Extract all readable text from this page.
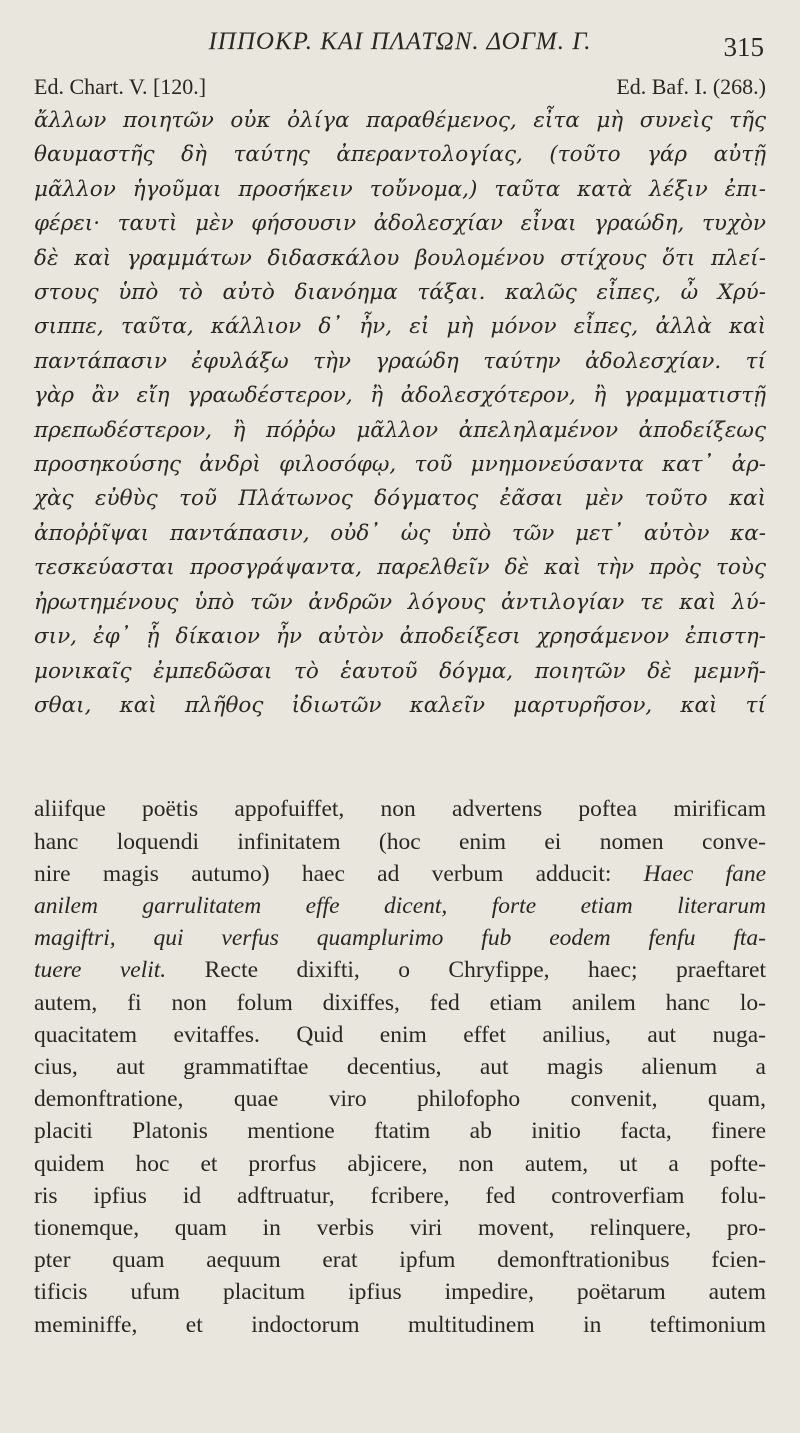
ΙΠΠΟΚΡ. ΚΑΙ ΠΛΑΤΩΝ. ΔΟΓΜ. Γ.	315
Ed. Chart. V. [120.]	Ed. Baf. I. (268.)
ἄλλων ποιητῶν οὐκ ὀλίγα παραθέμενος, εἶτα μὴ συνεὶς τῆς
θαυμαστῆς δὴ ταύτης ἀπεραντολογίας, (τοῦτο γάρ αὐτῇ
μᾶλλον ἡγοῦμαι προσήκειν τοὔνομα,) ταῦτα κατὰ λέξιν ἐπι-
φέρει· ταυτὶ μὲν φήσουσιν ἀδολεσχίαν εἶναι γραώδη, τυχὸν
δὲ καὶ γραμμάτων διδασκάλου βουλομένου στίχους ὅτι πλεί-
στους ὑπὸ τὸ αὐτὸ διανόημα τάξαι. καλῶς εἶπες, ὦ Χρύ-
σιππε, ταῦτα, κάλλιον δ᾽ ἦν, εἰ μὴ μόνον εἶπες, ἀλλὰ καὶ
παντάπασιν ἐφυλάξω τὴν γραώδη ταύτην ἀδολεσχίαν. τί
γὰρ ἂν εἴη γραωδέστερον, ἢ ἀδολεσχότερον, ἢ γραμματιστῇ
πρεπωδέστερον, ἢ πόῤῥω μᾶλλον ἀπεληλαμένον ἀποδείξεως
προσηκούσης ἀνδρὶ φιλοσόφῳ, τοῦ μνημονεύσαντα κατ᾽ ἀρ-
χὰς εὐθὺς τοῦ Πλάτωνος δόγματος ἐᾶσαι μὲν τοῦτο καὶ
ἀποῤῥῖψαι παντάπασιν, οὐδ᾽ ὡς ὑπὸ τῶν μετ᾽ αὐτὸν κα-
τεσκεύασται προσγράψαντα, παρελθεῖν δὲ καὶ τὴν πρὸς τοὺς
ἠρωτημένους ὑπὸ τῶν ἀνδρῶν λόγους ἀντιλογίαν τε καὶ λύ-
σιν, ἐφ᾽ ᾗ δίκαιον ἦν αὐτὸν ἀποδείξεσι χρησάμενον ἐπιστη-
μονικαῖς ἐμπεδῶσαι τὸ ἑαυτοῦ δόγμα, ποιητῶν δὲ μεμνῆ-
σθαι, καὶ πλῆθος ἰδιωτῶν καλεῖν μαρτυρῆσον, καὶ τί
aliifque poëtis appofuiffet, non advertens poftea mirificam
hanc loquendi infinitatem (hoc enim ei nomen conve-
nire magis autumo) haec ad verbum adducit: Haec fane
anilem garrulitatem effe dicent, forte etiam literarum
magiftri, qui verfus quamplurimo fub eodem fenfu fta-
tuere velit. Recte dixifti, o Chryfippe, haec; praeftaret
autem, fi non folum dixiffes, fed etiam anilem hanc lo-
quacitatem evitaffes. Quid enim effet anilius, aut nuga-
cius, aut grammatiftae decentius, aut magis alienum a
demonftratione, quae viro philofopho convenit, quam,
placiti Platonis mentione ftatim ab initio facta, finere
quidem hoc et prorfus abjicere, non autem, ut a pofte-
ris ipfius id adftruatur, fcribere, fed controverfiam folu-
tionemque, quam in verbis viri movent, relinquere, pro-
pter quam aequum erat ipfum demonftrationibus fcien-
tificis ufum placitum ipfius impedire, poëtarum autem
meminiffe, et indoctorum multitudinem in teftimonium
